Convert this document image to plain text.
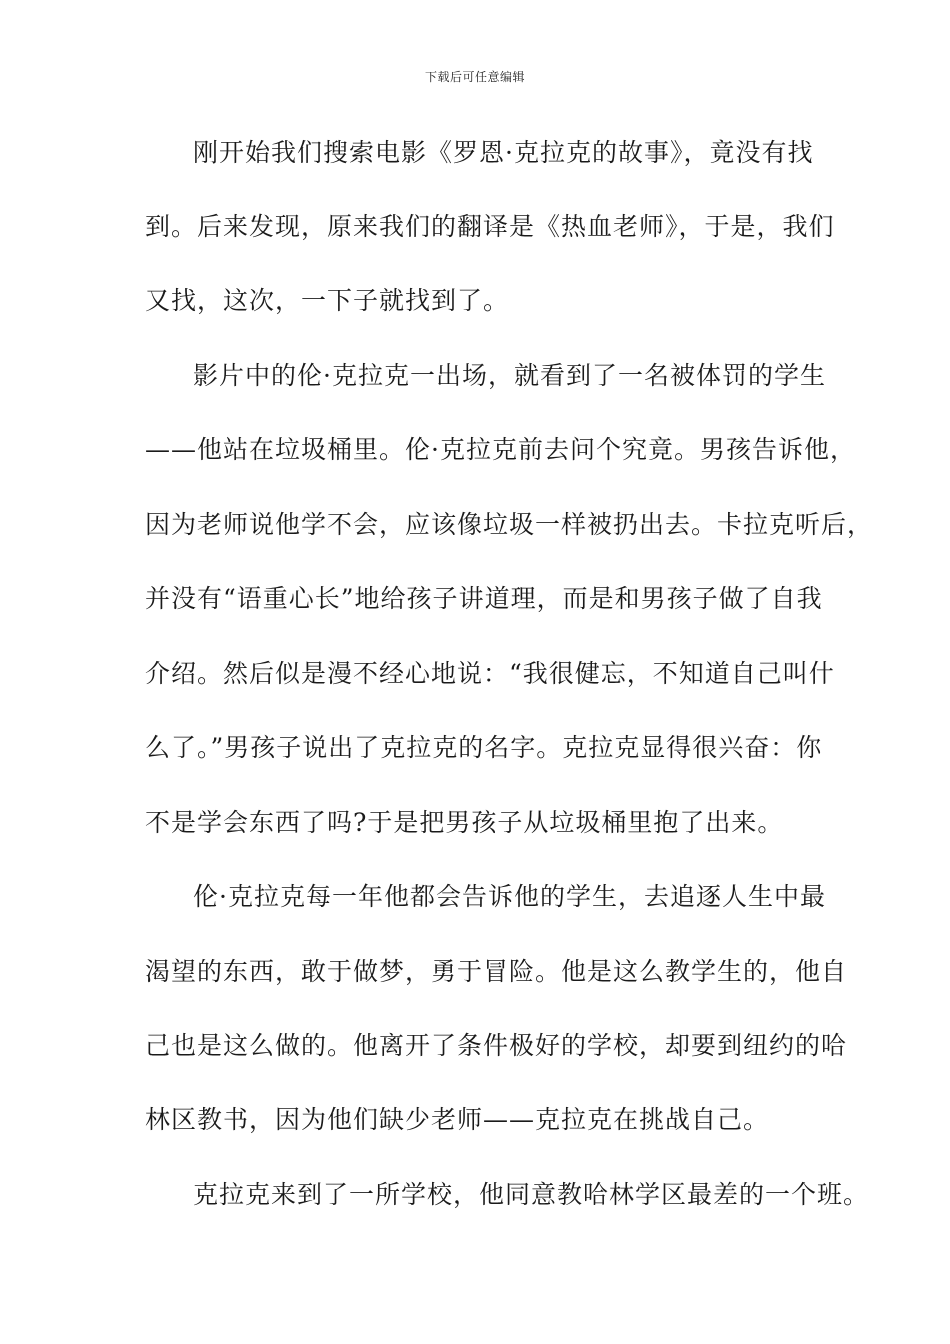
下载后可任意编辑
刚开始我们搜索电影《罗恩·克拉克的故事》，竟没有找
到。后来发现，原来我们的翻译是《热血老师》，于是，我们
又找，这次，一下子就找到了。
影片中的伦·克拉克一出场，就看到了一名被体罚的学生
——他站在垃圾桶里。伦·克拉克前去问个究竟。男孩告诉他，
因为老师说他学不会，应该像垃圾一样被扔出去。卡拉克听后，
并没有“语重心长”地给孩子讲道理，而是和男孩子做了自我
介绍。然后似是漫不经心地说：“我很健忘，不知道自己叫什
么了。”男孩子说出了克拉克的名字。克拉克显得很兴奋：你
不是学会东西了吗?于是把男孩子从垃圾桶里抱了出来。
伦·克拉克每一年他都会告诉他的学生，去追逐人生中最
渴望的东西，敢于做梦，勇于冒险。他是这么教学生的，他自
己也是这么做的。他离开了条件极好的学校，却要到纽约的哈
林区教书，因为他们缺少老师——克拉克在挑战自己。
克拉克来到了一所学校，他同意教哈林学区最差的一个班。
